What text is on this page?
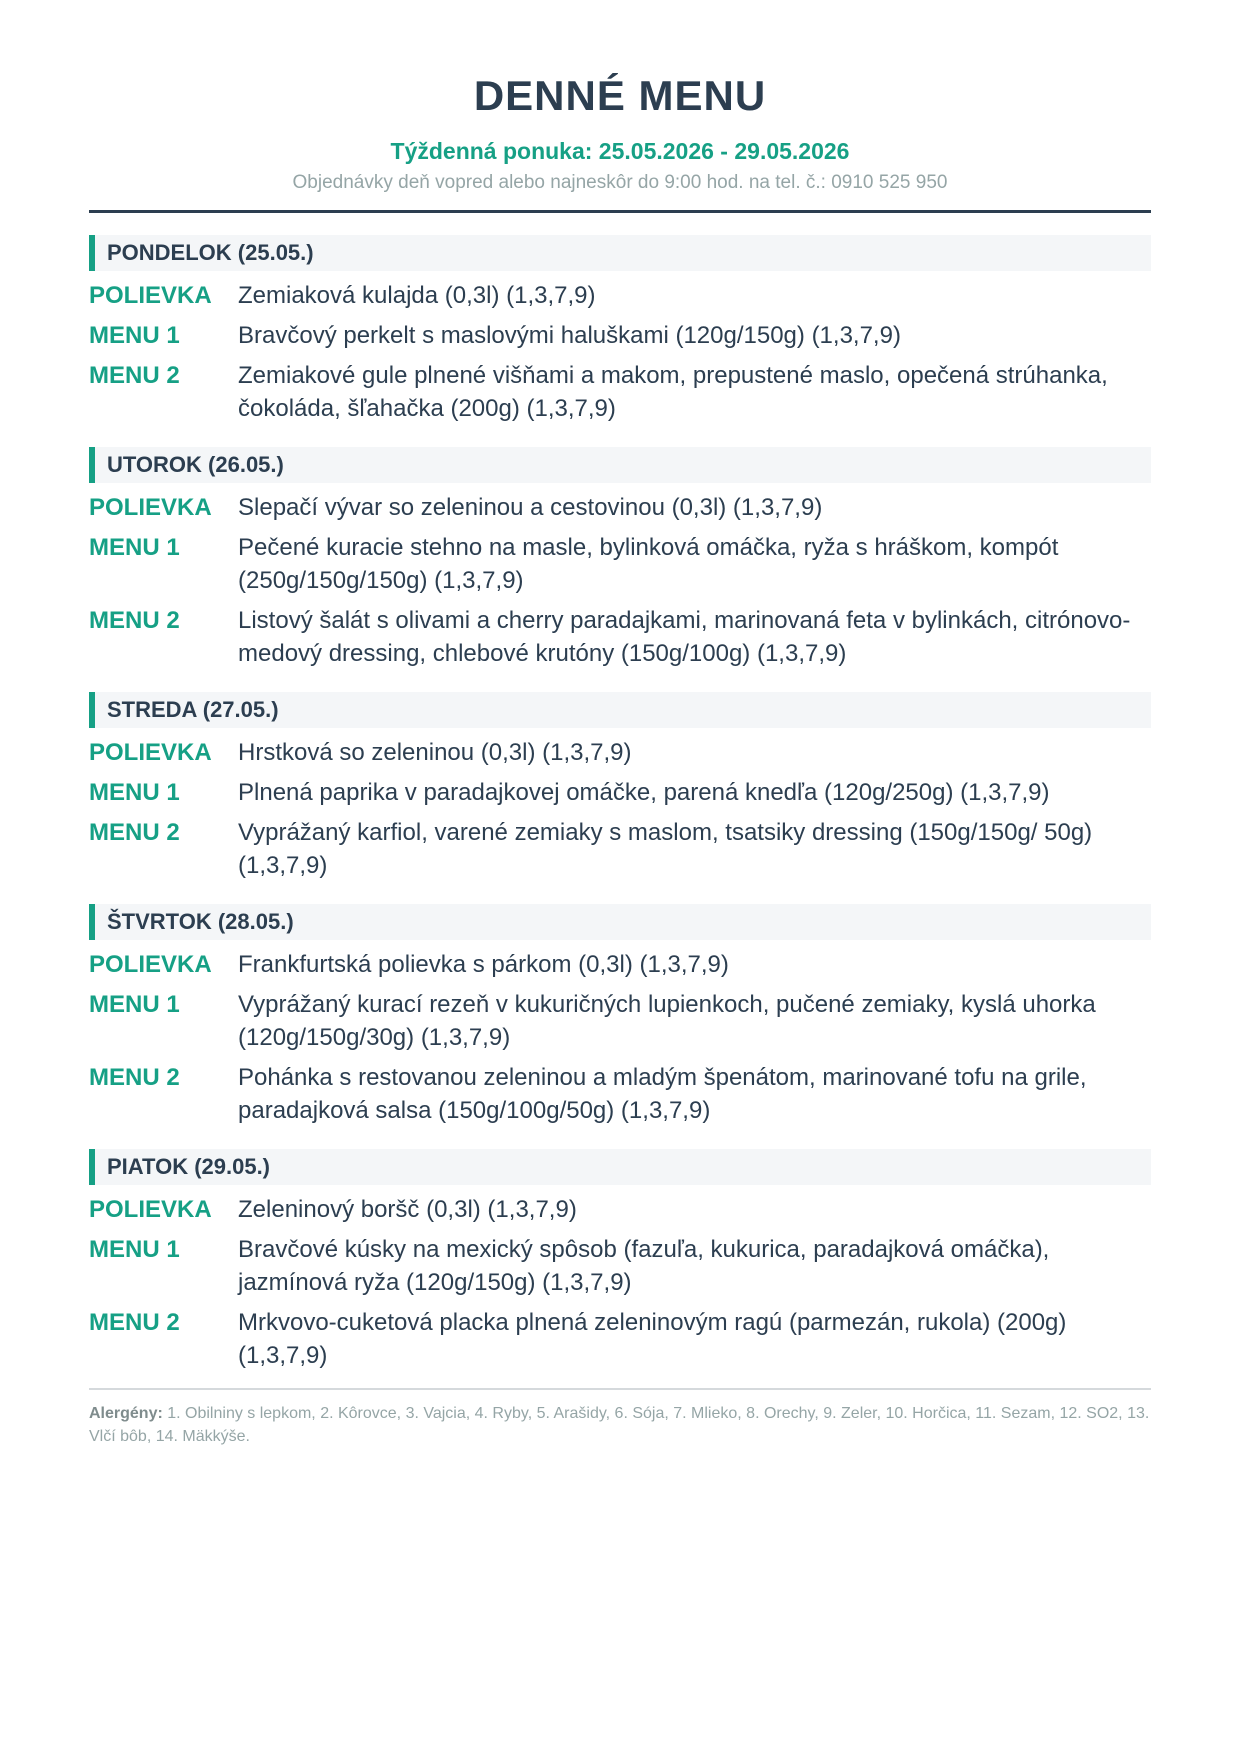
DENNÉ MENU
Týždenná ponuka: 25.05.2026 - 29.05.2026
Objednávky deň vopred alebo najneskôr do 9:00 hod. na tel. č.: 0910 525 950
PONDELOK (25.05.)
POLIEVKA	Zemiaková kulajda (0,3l) (1,3,7,9)
MENU 1	Bravčový perkelt s maslovými haluškami (120g/150g) (1,3,7,9)
MENU 2	Zemiakové gule plnené višňami a makom, prepustené maslo, opečená strúhanka, čokoláda, šľahačka (200g) (1,3,7,9)
UTOROK (26.05.)
POLIEVKA	Slepačí vývar so zeleninou a cestovinou (0,3l) (1,3,7,9)
MENU 1	Pečené kuracie stehno na masle, bylinková omáčka, ryža s hráškom, kompót (250g/150g/150g) (1,3,7,9)
MENU 2	Listový šalát s olivami a cherry paradajkami, marinovaná feta v bylinkách, citrónovo-medový dressing, chlebové krutóny (150g/100g) (1,3,7,9)
STREDA (27.05.)
POLIEVKA	Hrstková so zeleninou (0,3l) (1,3,7,9)
MENU 1	Plnená paprika v paradajkovej omáčke, parená knedľa (120g/250g) (1,3,7,9)
MENU 2	Vyprážaný karfiol, varené zemiaky s maslom, tsatsiky dressing (150g/150g/ 50g) (1,3,7,9)
ŠTVRTOK (28.05.)
POLIEVKA	Frankfurtská polievka s párkom (0,3l) (1,3,7,9)
MENU 1	Vyprážaný kurací rezeň v kukuričných lupienkoch, pučené zemiaky, kyslá uhorka (120g/150g/30g) (1,3,7,9)
MENU 2	Pohánka s restovanou zeleninou a mladým špenátom, marinované tofu na grile, paradajková salsa (150g/100g/50g) (1,3,7,9)
PIATOK (29.05.)
POLIEVKA	Zeleninový boršč (0,3l) (1,3,7,9)
MENU 1	Bravčové kúsky na mexický spôsob (fazuľa, kukurica, paradajková omáčka), jazmínová ryža (120g/150g) (1,3,7,9)
MENU 2	Mrkvovo-cuketová placka plnená zeleninovým ragú (parmezán, rukola) (200g) (1,3,7,9)
Alergény: 1. Obilniny s lepkom, 2. Kôrovce, 3. Vajcia, 4. Ryby, 5. Arašidy, 6. Sója, 7. Mlieko, 8. Orechy, 9. Zeler, 10. Horčica, 11. Sezam, 12. SO2, 13. Vlčí bôb, 14. Mäkkýše.
